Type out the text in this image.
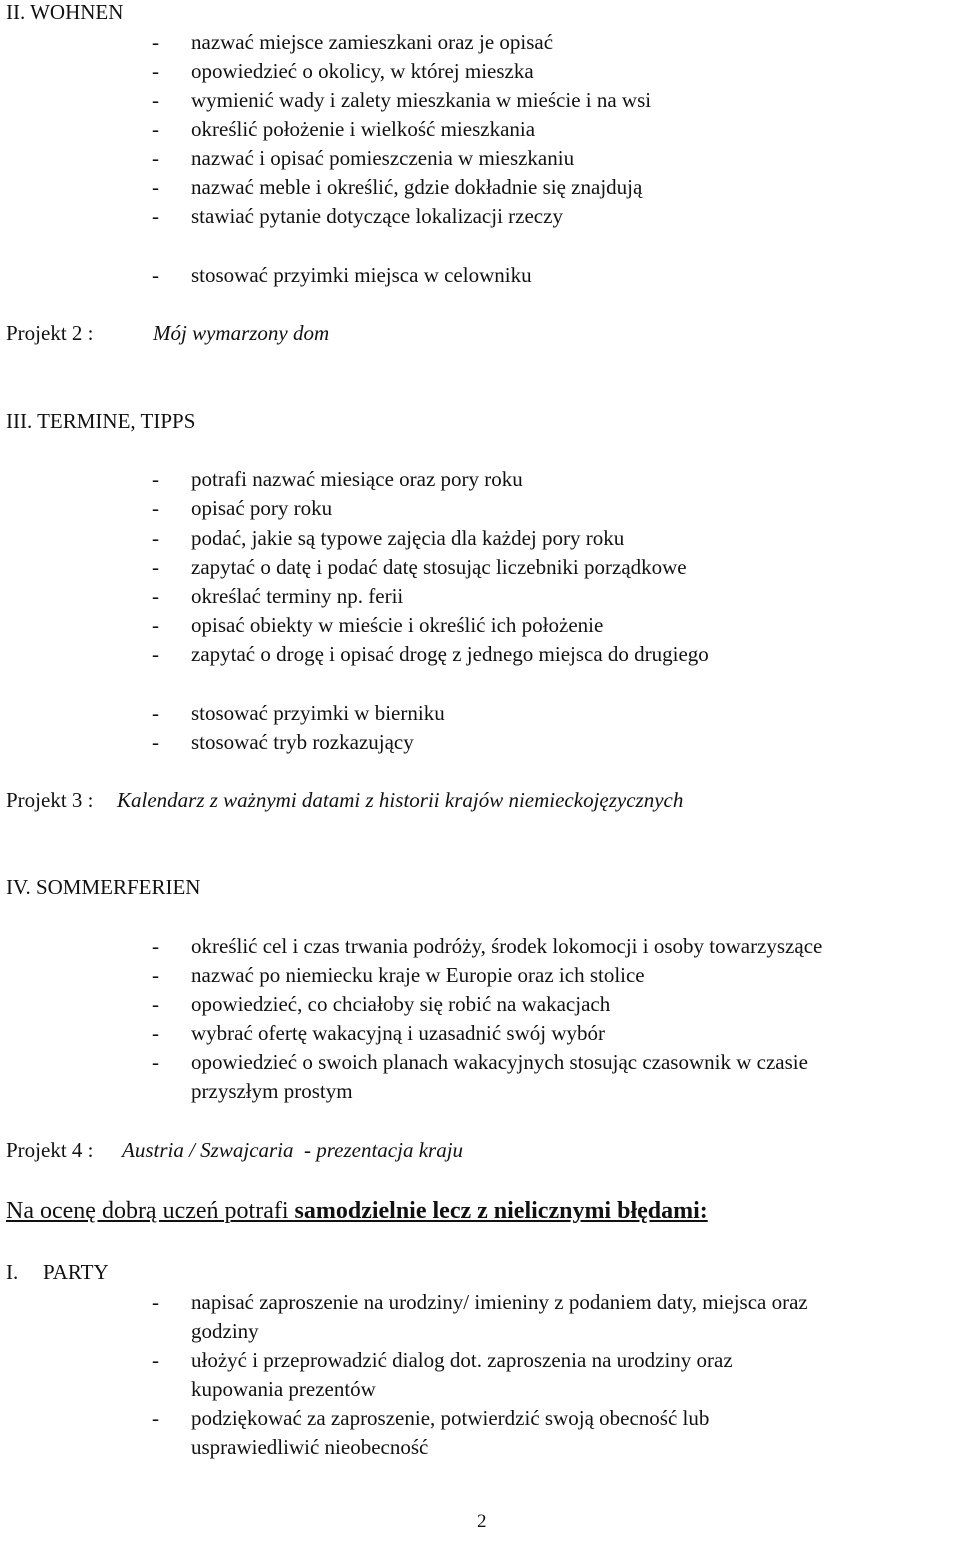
II. WOHNEN
- nazwać miejsce zamieszkani oraz je opisać
- opowiedzieć o okolicy, w której mieszka
- wymienić wady i zalety mieszkania w mieście i na wsi
- określić położenie i wielkość mieszkania
- nazwać i opisać pomieszczenia w mieszkaniu
- nazwać meble i określić, gdzie dokładnie się znajdują
- stawiać pytanie dotyczące lokalizacji rzeczy
- stosować przyimki miejsca w celowniku
Projekt 2 :	Mój wymarzony dom
III. TERMINE, TIPPS
- potrafi nazwać miesiące oraz pory roku
- opisać pory roku
- podać, jakie są typowe zajęcia dla każdej pory roku
- zapytać o datę i podać datę stosując liczebniki porządkowe
- określać terminy np. ferii
- opisać obiekty w mieście i określić ich położenie
- zapytać o drogę i opisać drogę z jednego miejsca do drugiego
- stosować przyimki w bierniku
- stosować tryb rozkazujący
Projekt 3 : Kalendarz z ważnymi datami z historii krajów niemieckojęzycznych
IV. SOMMERFERIEN
- określić cel i czas trwania podróży, środek lokomocji i osoby towarzyszące
- nazwać po niemiecku kraje w Europie oraz ich stolice
- opowiedzieć, co chciałoby się robić na wakacjach
- wybrać ofertę wakacyjną i uzasadnić swój wybór
- opowiedzieć o swoich planach wakacyjnych stosując czasownik w czasie
przyszłym prostym
Projekt 4 : Austria / Szwajcaria  - prezentacja kraju
Na ocenę dobrą uczeń potrafi samodzielnie lecz z nielicznymi błędami:
I. PARTY
- napisać zaproszenie na urodziny/ imieniny z podaniem daty, miejsca oraz
godziny
- ułożyć i przeprowadzić dialog dot. zaproszenia na urodziny oraz
kupowania prezentów
- podziękować za zaproszenie, potwierdzić swoją obecność lub
usprawiedliwić nieobecność
2
